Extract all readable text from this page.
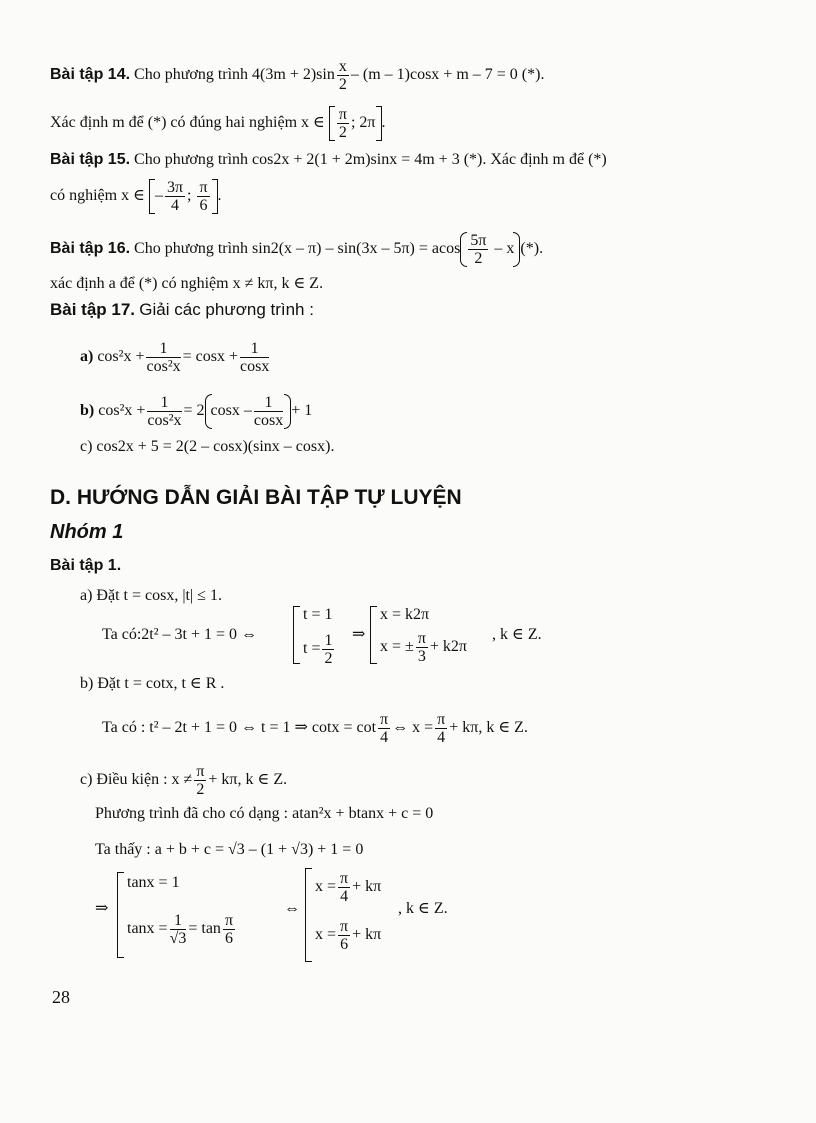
Bài tập 14. Cho phương trình $4(3m + 2)\sin \frac{x}{2} - (m - 1)\cos x + m - 7 = 0$ (*).
Xác định m để (*) có đúng hai nghiệm x ∈ $\frac{\pi}{2}$ ; 2π .
Bài tập 15. Cho phương trình cos2x + 2(1 + 2m)sinx = 4m + 3 (*). Xác định m để (*)
có nghiệm x ∈ – $\frac{3\pi}{4}$ ; $\frac{\pi}{6}$ .
Bài tập 16. Cho phương trình sin2(x – π) – sin(3x – 5π) = acos $\frac{5\pi}{2}$ – x (*).
xác định a để (*) có nghiệm x ≠ kπ, k ∈ Z.
Bài tập 17. Giải các phương trình :
a) $\cos^2x + \frac{1}{\text{cos²x}} = \cos x + \frac{1}{\cos x}$
b) $\cos^2x + \frac{1}{\text{cos²x}} = 2$ $\cos x - \frac{1}{\cos x} + 1$
c) cos2x + 5 = 2(2 – cosx)(sinx – cosx).
D. HƯỚNG DẪN GIẢI BÀI TẬP TỰ LUYỆN
Nhóm 1
Bài tập 1.
a) Đặt t = cosx, |t| ≤ 1.
Ta có:2t² – 3t + 1 = 0 ⇔
t = 1
$t = \frac{1}{2}$ ⇒
x = k2π
x = ± $\frac{\pi}{3} + k2\pi$
, k ∈ Z.
b) Đặt t = cotx, t ∈ R .
Ta có : t² – 2t + 1 = 0 ⇔ t = 1 ⇒ $\cot x = \cot \frac{\pi}{4}$ ⇔ $x = \frac{\pi}{4} + k\pi$, k ∈ Z.
c) Điều kiện : $x \ne \frac{\pi}{2} + k\pi$, k ∈ Z.
Phương trình đã cho có dạng : atan²x + btanx + c = 0
Ta thấy : a + b + c = √3 – (1 + √3) + 1 = 0
⇒
tanx = 1
$\tan x = \frac{1}{√3} = \tan \frac{\pi}{6}$
⇔
$x = \frac{\pi}{4} + k\pi$
$x = \frac{\pi}{6} + k\pi$
, k ∈ Z.
28
